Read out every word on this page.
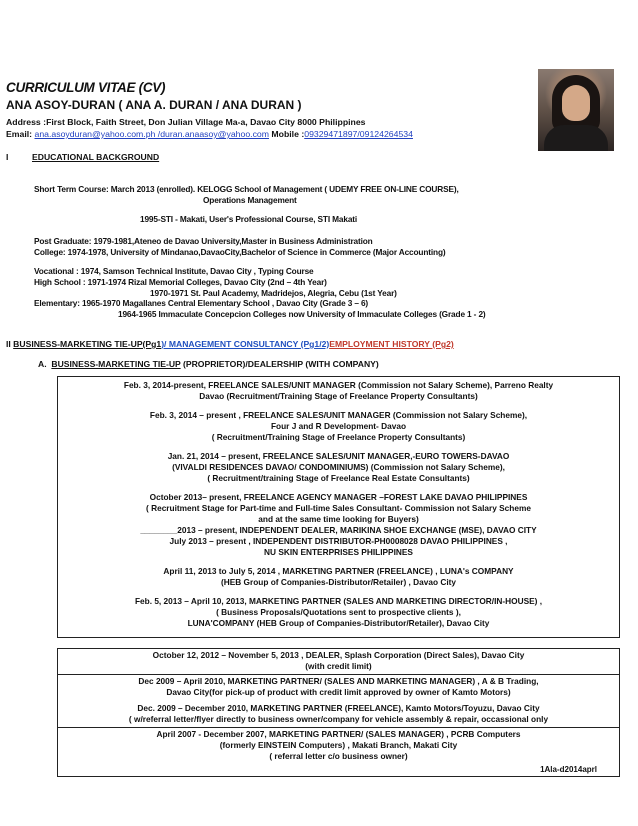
CURRICULUM VITAE (CV)
ANA ASOY-DURAN ( ANA A. DURAN / ANA DURAN )
Address :First Block, Faith Street, Don Julian Village Ma-a, Davao City 8000 Philippines
Email: ana.asoyduran@yahoo.com.ph /duran.anaasoy@yahoo.com Mobile :09329471897/09124264534
I	EDUCATIONAL BACKGROUND
Short Term Course: March 2013 (enrolled). KELOGG School of Management ( UDEMY FREE ON-LINE COURSE),
Operations Management
1995-STI - Makati, User's Professional Course, STI Makati
Post Graduate: 1979-1981,Ateneo de Davao University,Master in Business Administration
College: 1974-1978, University of Mindanao,DavaoCity,Bachelor of Science in Commerce (Major Accounting)
Vocational : 1974, Samson Technical Institute, Davao City , Typing Course
High School : 1971-1974 Rizal Memorial Colleges, Davao City (2nd – 4th Year)
1970-1971 St. Paul Academy, Madridejos, Alegria, Cebu (1st Year)
Elementary: 1965-1970 Magallanes Central Elementary School , Davao City (Grade 3 – 6)
1964-1965 Immaculate Concepcion Colleges now University of Immaculate Colleges (Grade 1 - 2)
II BUSINESS-MARKETING TIE-UP(Pg1)/ MANAGEMENT CONSULTANCY (Pg1/2)EMPLOYMENT HISTORY (Pg2)
A. BUSINESS-MARKETING TIE-UP (PROPRIETOR)/DEALERSHIP (WITH COMPANY)
Feb. 3, 2014-present, FREELANCE SALES/UNIT MANAGER (Commission not Salary Scheme), Parreno Realty
Davao (Recruitment/Training Stage of Freelance Property Consultants)
Feb. 3, 2014 – present , FREELANCE SALES/UNIT MANAGER (Commission not Salary Scheme),
Four J and R Development- Davao
( Recruitment/Training Stage of Freelance Property Consultants)
Jan. 21, 2014 – present, FREELANCE SALES/UNIT MANAGER,-EURO TOWERS-DAVAO
(VIVALDI RESIDENCES DAVAO/ CONDOMINIUMS) (Commission not Salary Scheme),
( Recruitment/training Stage of Freelance Real Estate Consultants)
October 2013– present, FREELANCE AGENCY MANAGER –FOREST LAKE DAVAO PHILIPPINES
( Recruitment Stage for Part-time and Full-time Sales Consultant- Commission not Salary Scheme
and at the same time looking for Buyers)
________2013 – present, INDEPENDENT DEALER, MARIKINA SHOE EXCHANGE (MSE), DAVAO CITY
July 2013 – present , INDEPENDENT DISTRIBUTOR-PH0008028 DAVAO PHILIPPINES ,
NU SKIN ENTERPRISES PHILIPPINES
April 11, 2013 to July 5, 2014 , MARKETING PARTNER (FREELANCE) , LUNA's COMPANY
(HEB Group of Companies-Distributor/Retailer) , Davao City
Feb. 5, 2013 – April 10, 2013, MARKETING PARTNER (SALES AND MARKETING DIRECTOR/IN-HOUSE) ,
( Business Proposals/Quotations sent to prospective clients ),
LUNA'COMPANY (HEB Group of Companies-Distributor/Retailer), Davao City
October 12, 2012 – November 5, 2013 , DEALER, Splash Corporation (Direct Sales), Davao City
(with credit limit)
Dec 2009 – April 2010, MARKETING PARTNER/ (SALES AND MARKETING MANAGER) , A & B Trading,
Davao City(for pick-up of product with credit limit approved by owner of Kamto Motors)
Dec. 2009 – December 2010, MARKETING PARTNER (FREELANCE), Kamto Motors/Toyuzu, Davao City
( w/referral letter/flyer directly to business owner/company for vehicle assembly & repair, occassional only
April 2007 - December 2007, MARKETING PARTNER/ (SALES MANAGER) , PCRB Computers
(formerly EINSTEIN Computers) , Makati Branch, Makati City
( referral letter c/o business owner)
1Ala-d2014aprl
